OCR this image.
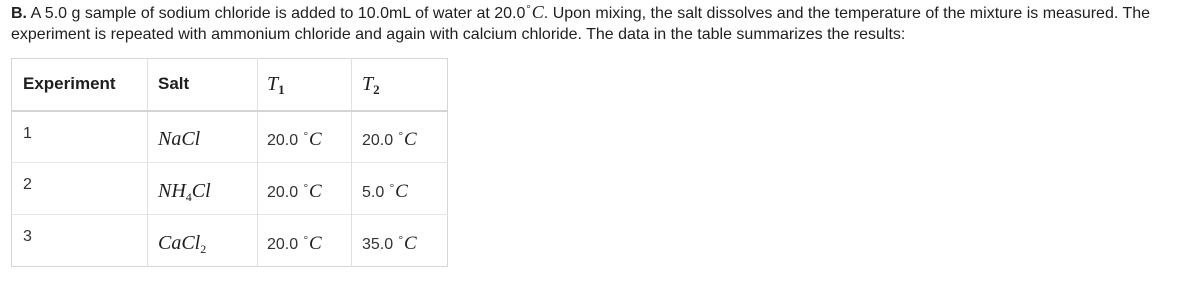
B. A 5.0 g sample of sodium chloride is added to 10.0mL of water at 20.0°C. Upon mixing, the salt dissolves and the temperature of the mixture is measured. The experiment is repeated with ammonium chloride and again with calcium chloride. The data in the table summarizes the results:
Experiment	Salt	$T_1$	$T_2$
1	NaCl	20.0 °C	20.0 °C
2	$NH_4Cl$	20.0 °C	5.0 °C
3	CaCl$_2$	20.0 °C	35.0 °C
